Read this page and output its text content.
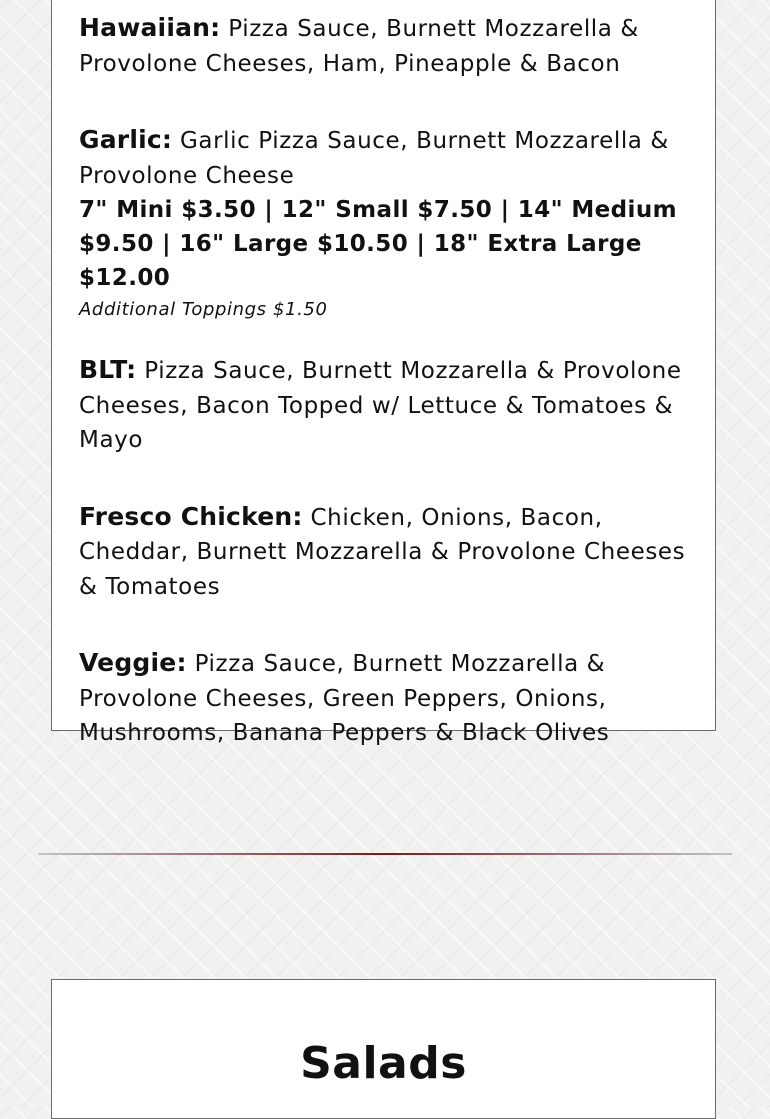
Hawaiian: Pizza Sauce, Burnett Mozzarella & Provolone Cheeses, Ham, Pineapple & Bacon

Garlic: Garlic Pizza Sauce, Burnett Mozzarella & Provolone Cheese

7" Mini $3.50 | 12" Small $7.50 | 14" Medium $9.50 | 16" Large $10.50 | 18" Extra Large $12.00

Additional Toppings $1.50

BLT: Pizza Sauce, Burnett Mozzarella & Provolone Cheeses, Bacon Topped w/ Lettuce & Tomatoes & Mayo

Fresco Chicken: Chicken, Onions, Bacon, Cheddar, Burnett Mozzarella & Provolone Cheeses & Tomatoes

Veggie: Pizza Sauce, Burnett Mozzarella & Provolone Cheeses, Green Peppers, Onions, Mushrooms, Banana Peppers & Black Olives

Salads
